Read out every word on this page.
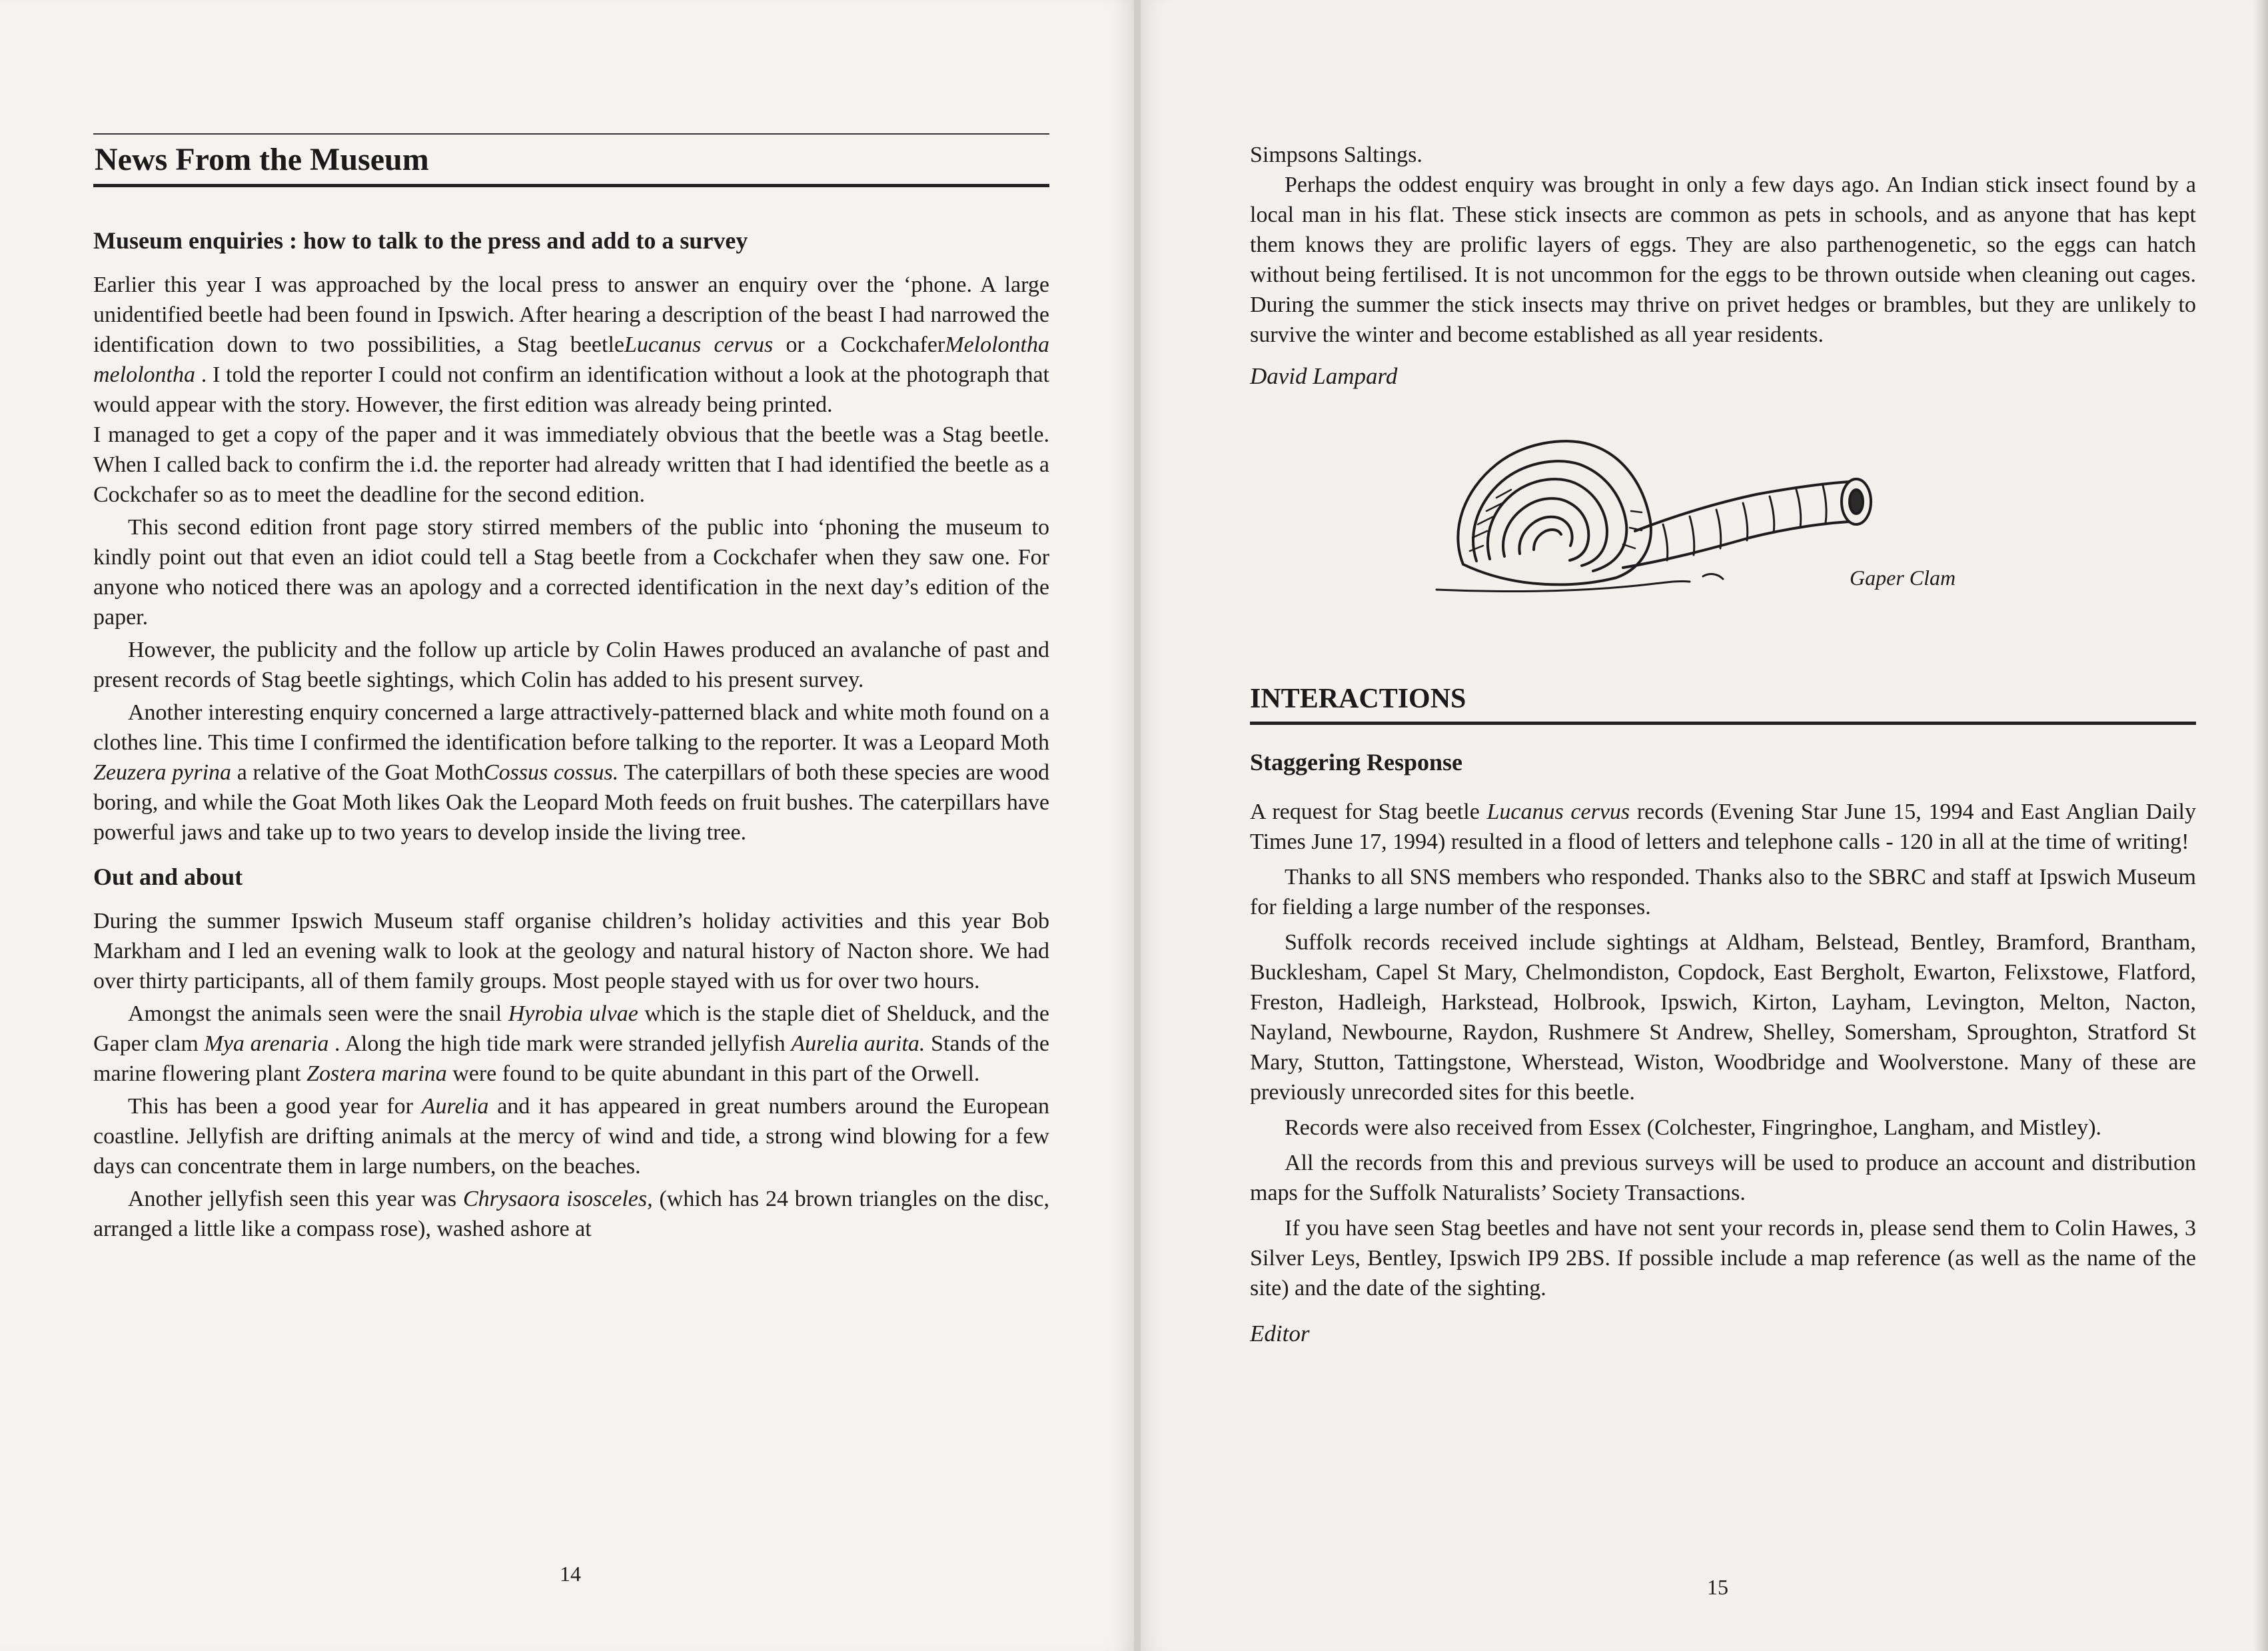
News From the Museum
Museum enquiries : how to talk to the press and add to a survey

Earlier this year I was approached by the local press to answer an enquiry over the ‘phone. A large unidentified beetle had been found in Ipswich. After hearing a description of the beast I had narrowed the identification down to two possibilities, a Stag beetleLucanus cervus or a CockchaferMelolontha melolontha . I told the reporter I could not confirm an identification without a look at the photograph that would appear with the story. However, the first edition was already being printed.

I managed to get a copy of the paper and it was immediately obvious that the beetle was a Stag beetle. When I called back to confirm the i.d. the reporter had already written that I had identified the beetle as a Cockchafer so as to meet the deadline for the second edition.

This second edition front page story stirred members of the public into ‘phoning the museum to kindly point out that even an idiot could tell a Stag beetle from a Cockchafer when they saw one. For anyone who noticed there was an apology and a corrected identification in the next day’s edition of the paper.

However, the publicity and the follow up article by Colin Hawes produced an avalanche of past and present records of Stag beetle sightings, which Colin has added to his present survey.

Another interesting enquiry concerned a large attractively-patterned black and white moth found on a clothes line. This time I confirmed the identification before talking to the reporter. It was a Leopard Moth Zeuzera pyrina a relative of the Goat MothCossus cossus. The caterpillars of both these species are wood boring, and while the Goat Moth likes Oak the Leopard Moth feeds on fruit bushes. The caterpillars have powerful jaws and take up to two years to develop inside the living tree.

Out and about

During the summer Ipswich Museum staff organise children’s holiday activities and this year Bob Markham and I led an evening walk to look at the geology and natural history of Nacton shore. We had over thirty participants, all of them family groups. Most people stayed with us for over two hours.

Amongst the animals seen were the snail Hyrobia ulvae which is the staple diet of Shelduck, and the Gaper clam Mya arenaria . Along the high tide mark were stranded jellyfish Aurelia aurita. Stands of the marine flowering plant Zostera marina were found to be quite abundant in this part of the Orwell.

This has been a good year for Aurelia and it has appeared in great numbers around the European coastline. Jellyfish are drifting animals at the mercy of wind and tide, a strong wind blowing for a few days can concentrate them in large numbers, on the beaches.

Another jellyfish seen this year was Chrysaora isosceles, (which has 24 brown triangles on the disc, arranged a little like a compass rose), washed ashore at

14

Simpsons Saltings.

Perhaps the oddest enquiry was brought in only a few days ago. An Indian stick insect found by a local man in his flat. These stick insects are common as pets in schools, and as anyone that has kept them knows they are prolific layers of eggs. They are also parthenogenetic, so the eggs can hatch without being fertilised. It is not uncommon for the eggs to be thrown outside when cleaning out cages. During the summer the stick insects may thrive on privet hedges or brambles, but they are unlikely to survive the winter and become established as all year residents.

David Lampard
Gaper Clam
INTERACTIONS
Staggering Response

A request for Stag beetle Lucanus cervus records (Evening Star June 15, 1994 and East Anglian Daily Times June 17, 1994) resulted in a flood of letters and telephone calls - 120 in all at the time of writing!

Thanks to all SNS members who responded. Thanks also to the SBRC and staff at Ipswich Museum for fielding a large number of the responses.

Suffolk records received include sightings at Aldham, Belstead, Bentley, Bramford, Brantham, Bucklesham, Capel St Mary, Chelmondiston, Copdock, East Bergholt, Ewarton, Felixstowe, Flatford, Freston, Hadleigh, Harkstead, Holbrook, Ipswich, Kirton, Layham, Levington, Melton, Nacton, Nayland, Newbourne, Raydon, Rushmere St Andrew, Shelley, Somersham, Sproughton, Stratford St Mary, Stutton, Tattingstone, Wherstead, Wiston, Woodbridge and Woolverstone. Many of these are previously unrecorded sites for this beetle.

Records were also received from Essex (Colchester, Fingringhoe, Langham, and Mistley).

All the records from this and previous surveys will be used to produce an account and distribution maps for the Suffolk Naturalists’ Society Transactions.

If you have seen Stag beetles and have not sent your records in, please send them to Colin Hawes, 3 Silver Leys, Bentley, Ipswich IP9 2BS. If possible include a map reference (as well as the name of the site) and the date of the sighting.

Editor
15
